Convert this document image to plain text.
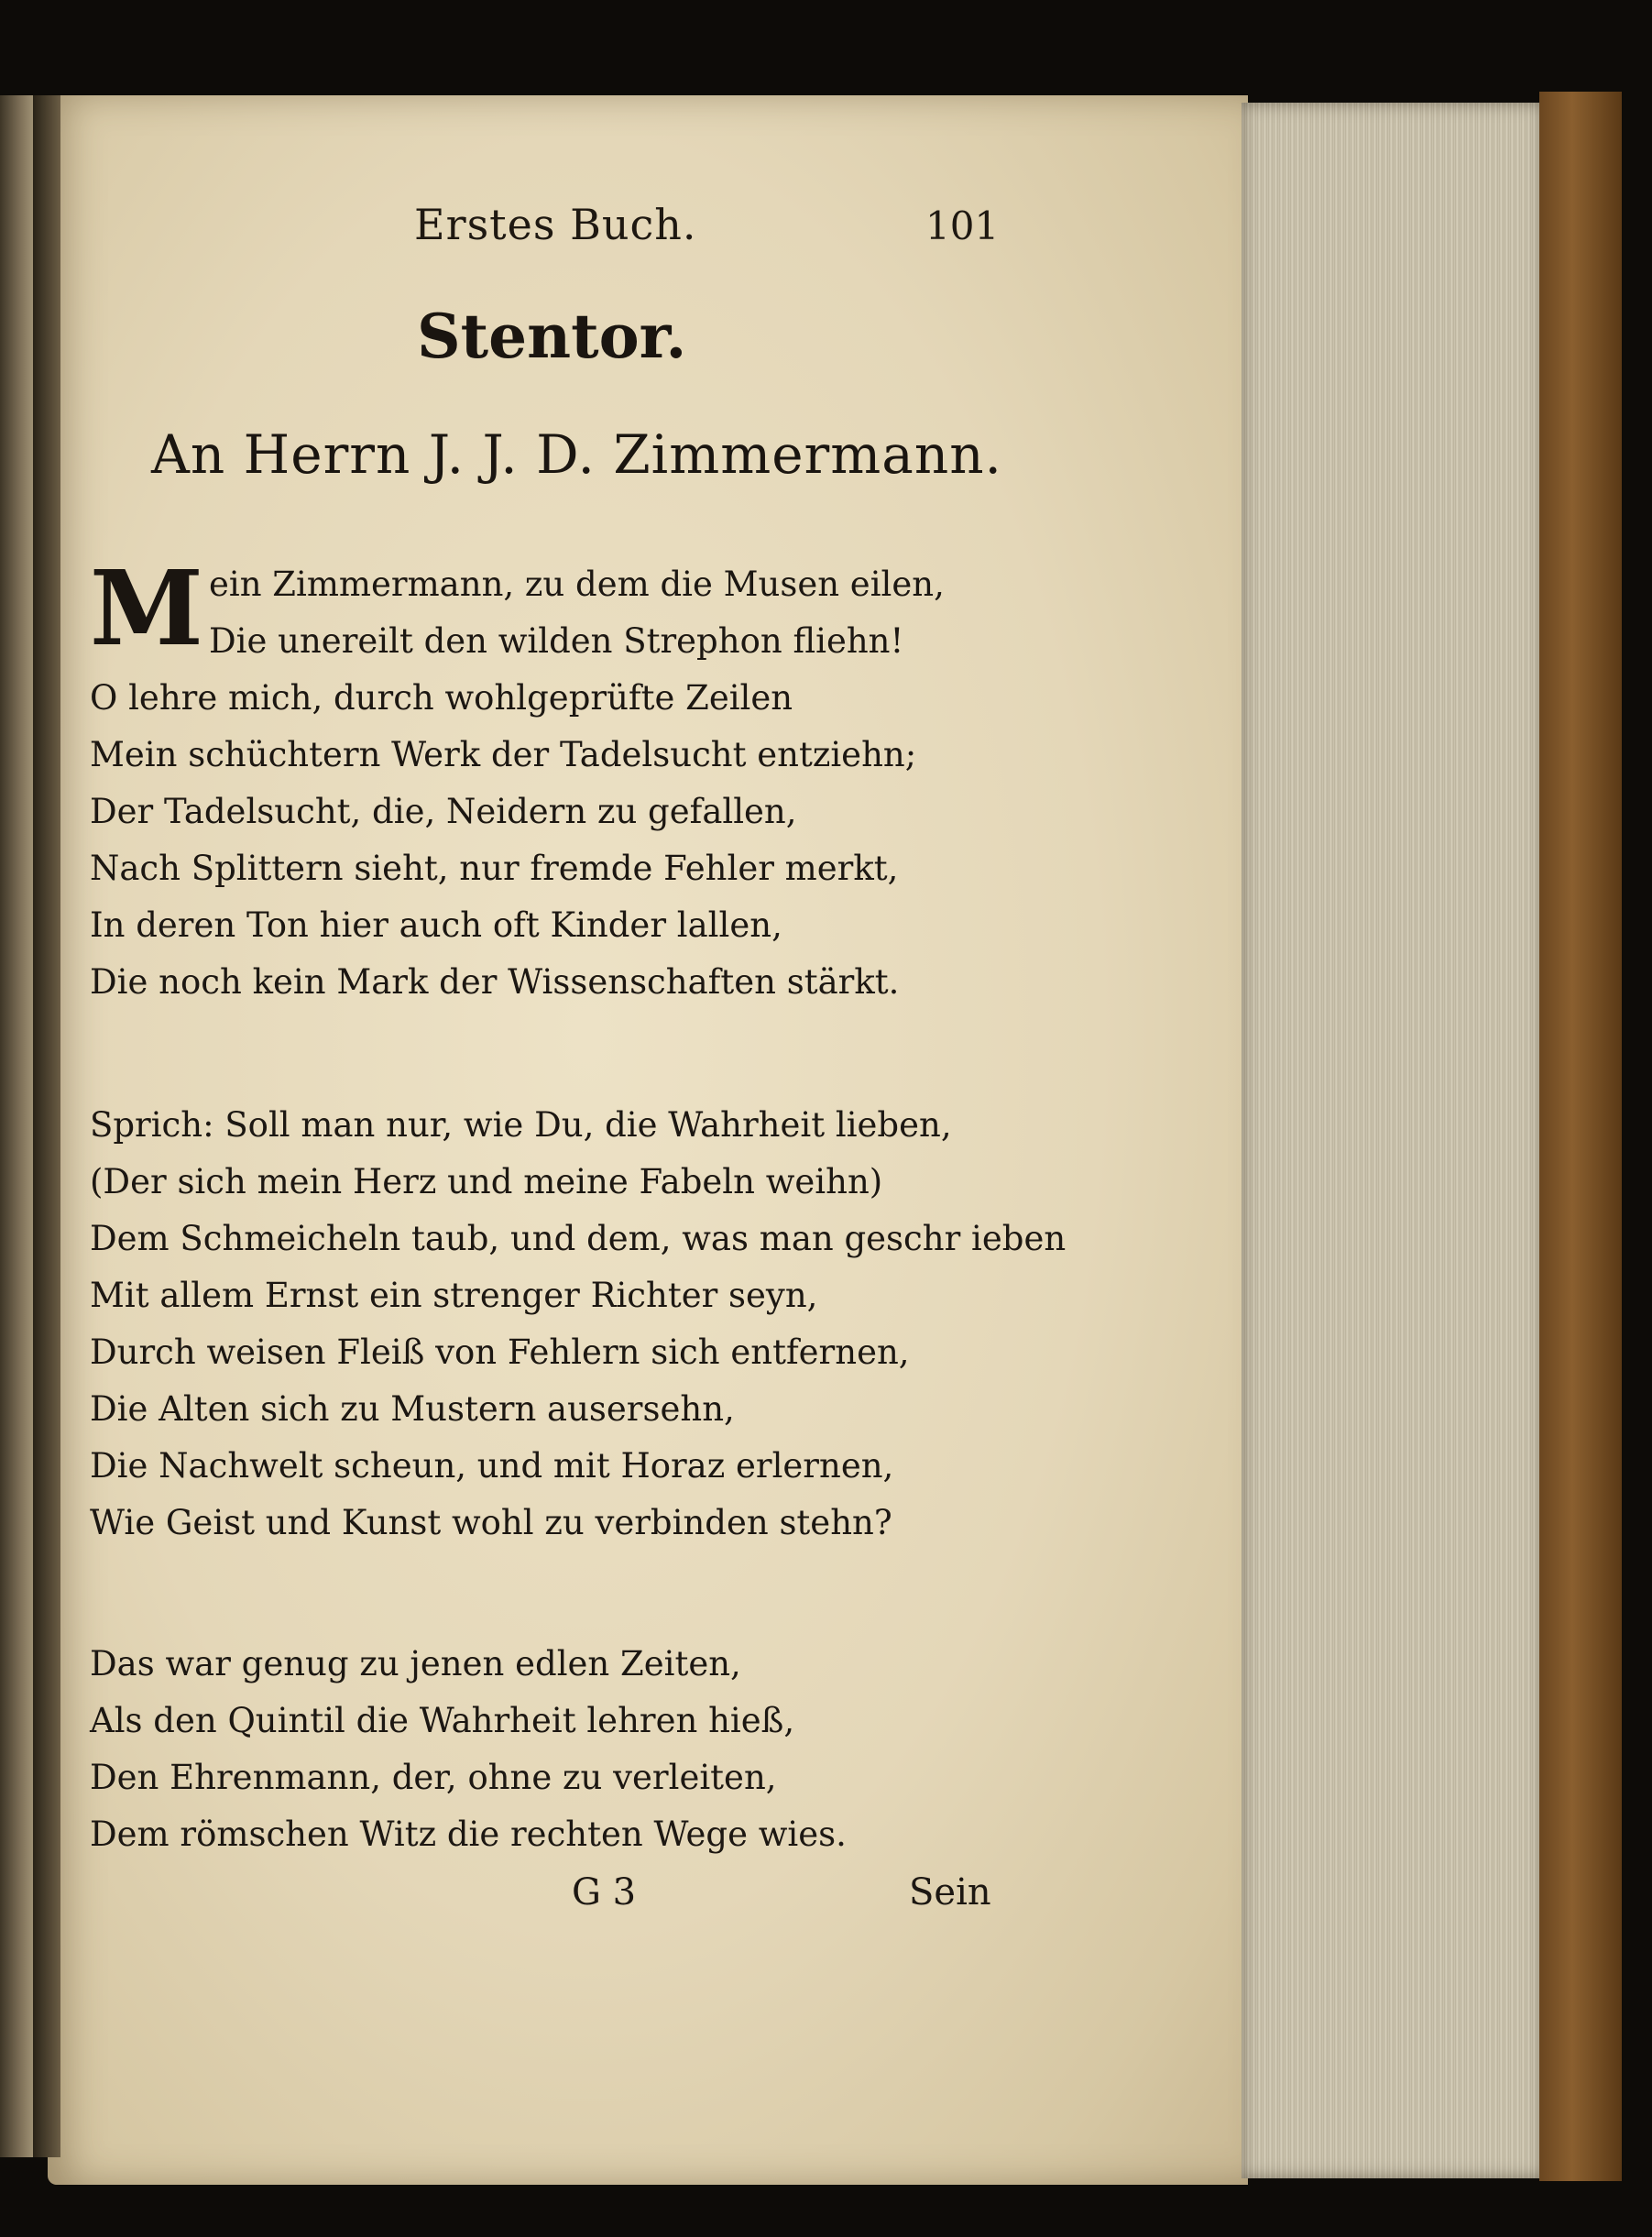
Erstes Buch.	101
Stentor.
An Herrn J. J. D. Zimmermann.
M ein Zimmermann, zu dem die Musen eilen,
Die unereilt den wilden Strephon fliehn!
O lehre mich, durch wohlgeprüfte Zeilen
Mein schüchtern Werk der Tadelsucht entziehn;
Der Tadelsucht, die, Neidern zu gefallen,
Nach Splittern sieht, nur fremde Fehler merkt,
In deren Ton hier auch oft Kinder lallen,
Die noch kein Mark der Wissenschaften stärkt.
Sprich: Soll man nur, wie Du, die Wahrheit lieben,
(Der sich mein Herz und meine Fabeln weihn)
Dem Schmeicheln taub, und dem, was man geschr ieben
Mit allem Ernst ein strenger Richter seyn,
Durch weisen Fleiß von Fehlern sich entfernen,
Die Alten sich zu Mustern ausersehn,
Die Nachwelt scheun, und mit Horaz erlernen,
Wie Geist und Kunst wohl zu verbinden stehn?
Das war genug zu jenen edlen Zeiten,
Als den Quintil die Wahrheit lehren hieß,
Den Ehrenmann, der, ohne zu verleiten,
Dem römschen Witz die rechten Wege wies.
G 3	Sein
